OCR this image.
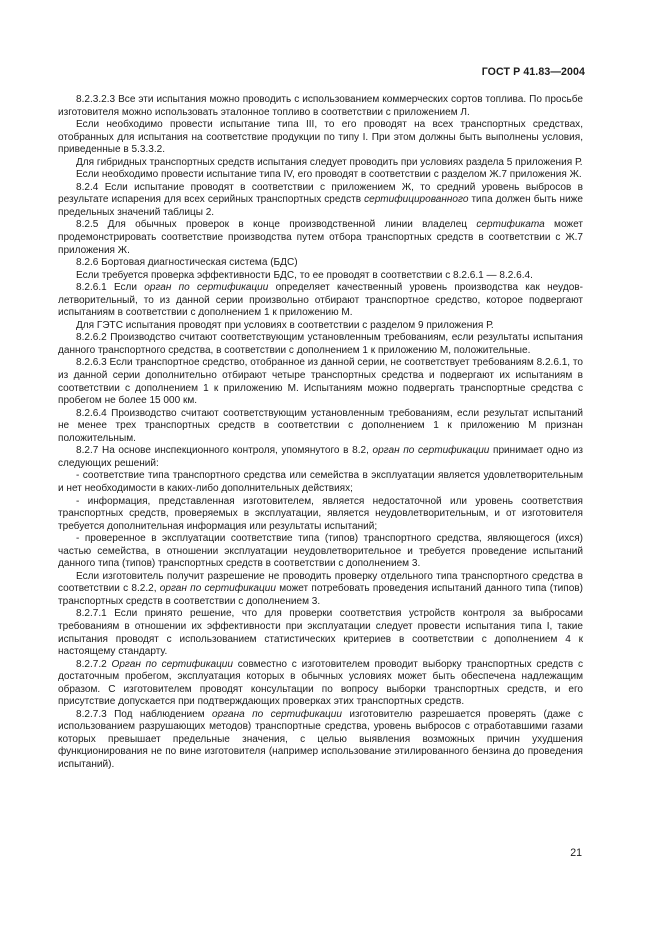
ГОСТ Р 41.83—2004

8.2.3.2.3 Все эти испытания можно проводить с использованием коммерческих сортов топлива. По просьбе изготовителя можно использовать эталонное топливо в соответствии с приложением Л.

Если необходимо провести испытание типа III, то его проводят на всех транспортных средствах, отобранных для испытания на соответствие продукции по типу I. При этом должны быть выполнены условия, приведенные в 5.3.3.2.

Для гибридных транспортных средств испытания следует проводить при условиях раздела 5 приложения Р.

Если необходимо провести испытание типа IV, его проводят в соответствии с разделом Ж.7 приложения Ж.

8.2.4 Если испытание проводят в соответствии с приложением Ж, то средний уровень выбросов в результате испарения для всех серийных транспортных средств сертифицированного типа должен быть ниже предельных значений таблицы 2.

8.2.5 Для обычных проверок в конце производственной линии владелец сертификата может продемонстрировать соответствие производства путем отбора транспортных средств в соответствии с Ж.7 приложения Ж.

8.2.6 Бортовая диагностическая система (БДС)

Если требуется проверка эффективности БДС, то ее проводят в соответствии с 8.2.6.1 — 8.2.6.4.

8.2.6.1 Если орган по сертификации определяет качественный уровень производства как неудовлетворительный, то из данной серии произвольно отбирают транспортное средство, которое подвергают испытаниям в соответствии с дополнением 1 к приложению М.

Для ГЭТС испытания проводят при условиях в соответствии с разделом 9 приложения Р.

8.2.6.2 Производство считают соответствующим установленным требованиям, если результаты испытания данного транспортного средства, в соответствии с дополнением 1 к приложению М, положительные.

8.2.6.3 Если транспортное средство, отобранное из данной серии, не соответствует требованиям 8.2.6.1, то из данной серии дополнительно отбирают четыре транспортных средства и подвергают их испытаниям в соответствии с дополнением 1 к приложению М. Испытаниям можно подвергать транспортные средства с пробегом не более 15 000 км.

8.2.6.4 Производство считают соответствующим установленным требованиям, если результат испытаний не менее трех транспортных средств в соответствии с дополнением 1 к приложению М признан положительным.

8.2.7 На основе инспекционного контроля, упомянутого в 8.2, орган по сертификации принимает одно из следующих решений:

- соответствие типа транспортного средства или семейства в эксплуатации является удовлетворительным и нет необходимости в каких-либо дополнительных действиях;

- информация, представленная изготовителем, является недостаточной или уровень соответствия транспортных средств, проверяемых в эксплуатации, является неудовлетворительным, и от изготовителя требуется дополнительная информация или результаты испытаний;

- проверенное в эксплуатации соответствие типа (типов) транспортного средства, являющегося (ихся) частью семейства, в отношении эксплуатации неудовлетворительное и требуется проведение испытаний данного типа (типов) транспортных средств в соответствии с дополнением 3.

Если изготовитель получит разрешение не проводить проверку отдельного типа транспортного средства в соответствии с 8.2.2, орган по сертификации может потребовать проведения испытаний данного типа (типов) транспортных средств в соответствии с дополнением 3.

8.2.7.1 Если принято решение, что для проверки соответствия устройств контроля за выбросами требованиям в отношении их эффективности при эксплуатации следует провести испытания типа I, такие испытания проводят с использованием статистических критериев в соответствии с дополнением 4 к настоящему стандарту.

8.2.7.2 Орган по сертификации совместно с изготовителем проводит выборку транспортных средств с достаточным пробегом, эксплуатация которых в обычных условиях может быть обеспечена надлежащим образом. С изготовителем проводят консультации по вопросу выборки транспортных средств, и его присутствие допускается при подтверждающих проверках этих транспортных средств.

8.2.7.3 Под наблюдением органа по сертификации изготовителю разрешается проверять (даже с использованием разрушающих методов) транспортные средства, уровень выбросов с отработавшими газами которых превышает предельные значения, с целью выявления возможных причин ухудшения функционирования не по вине изготовителя (например использование этилированного бензина до проведения испытаний).

21
